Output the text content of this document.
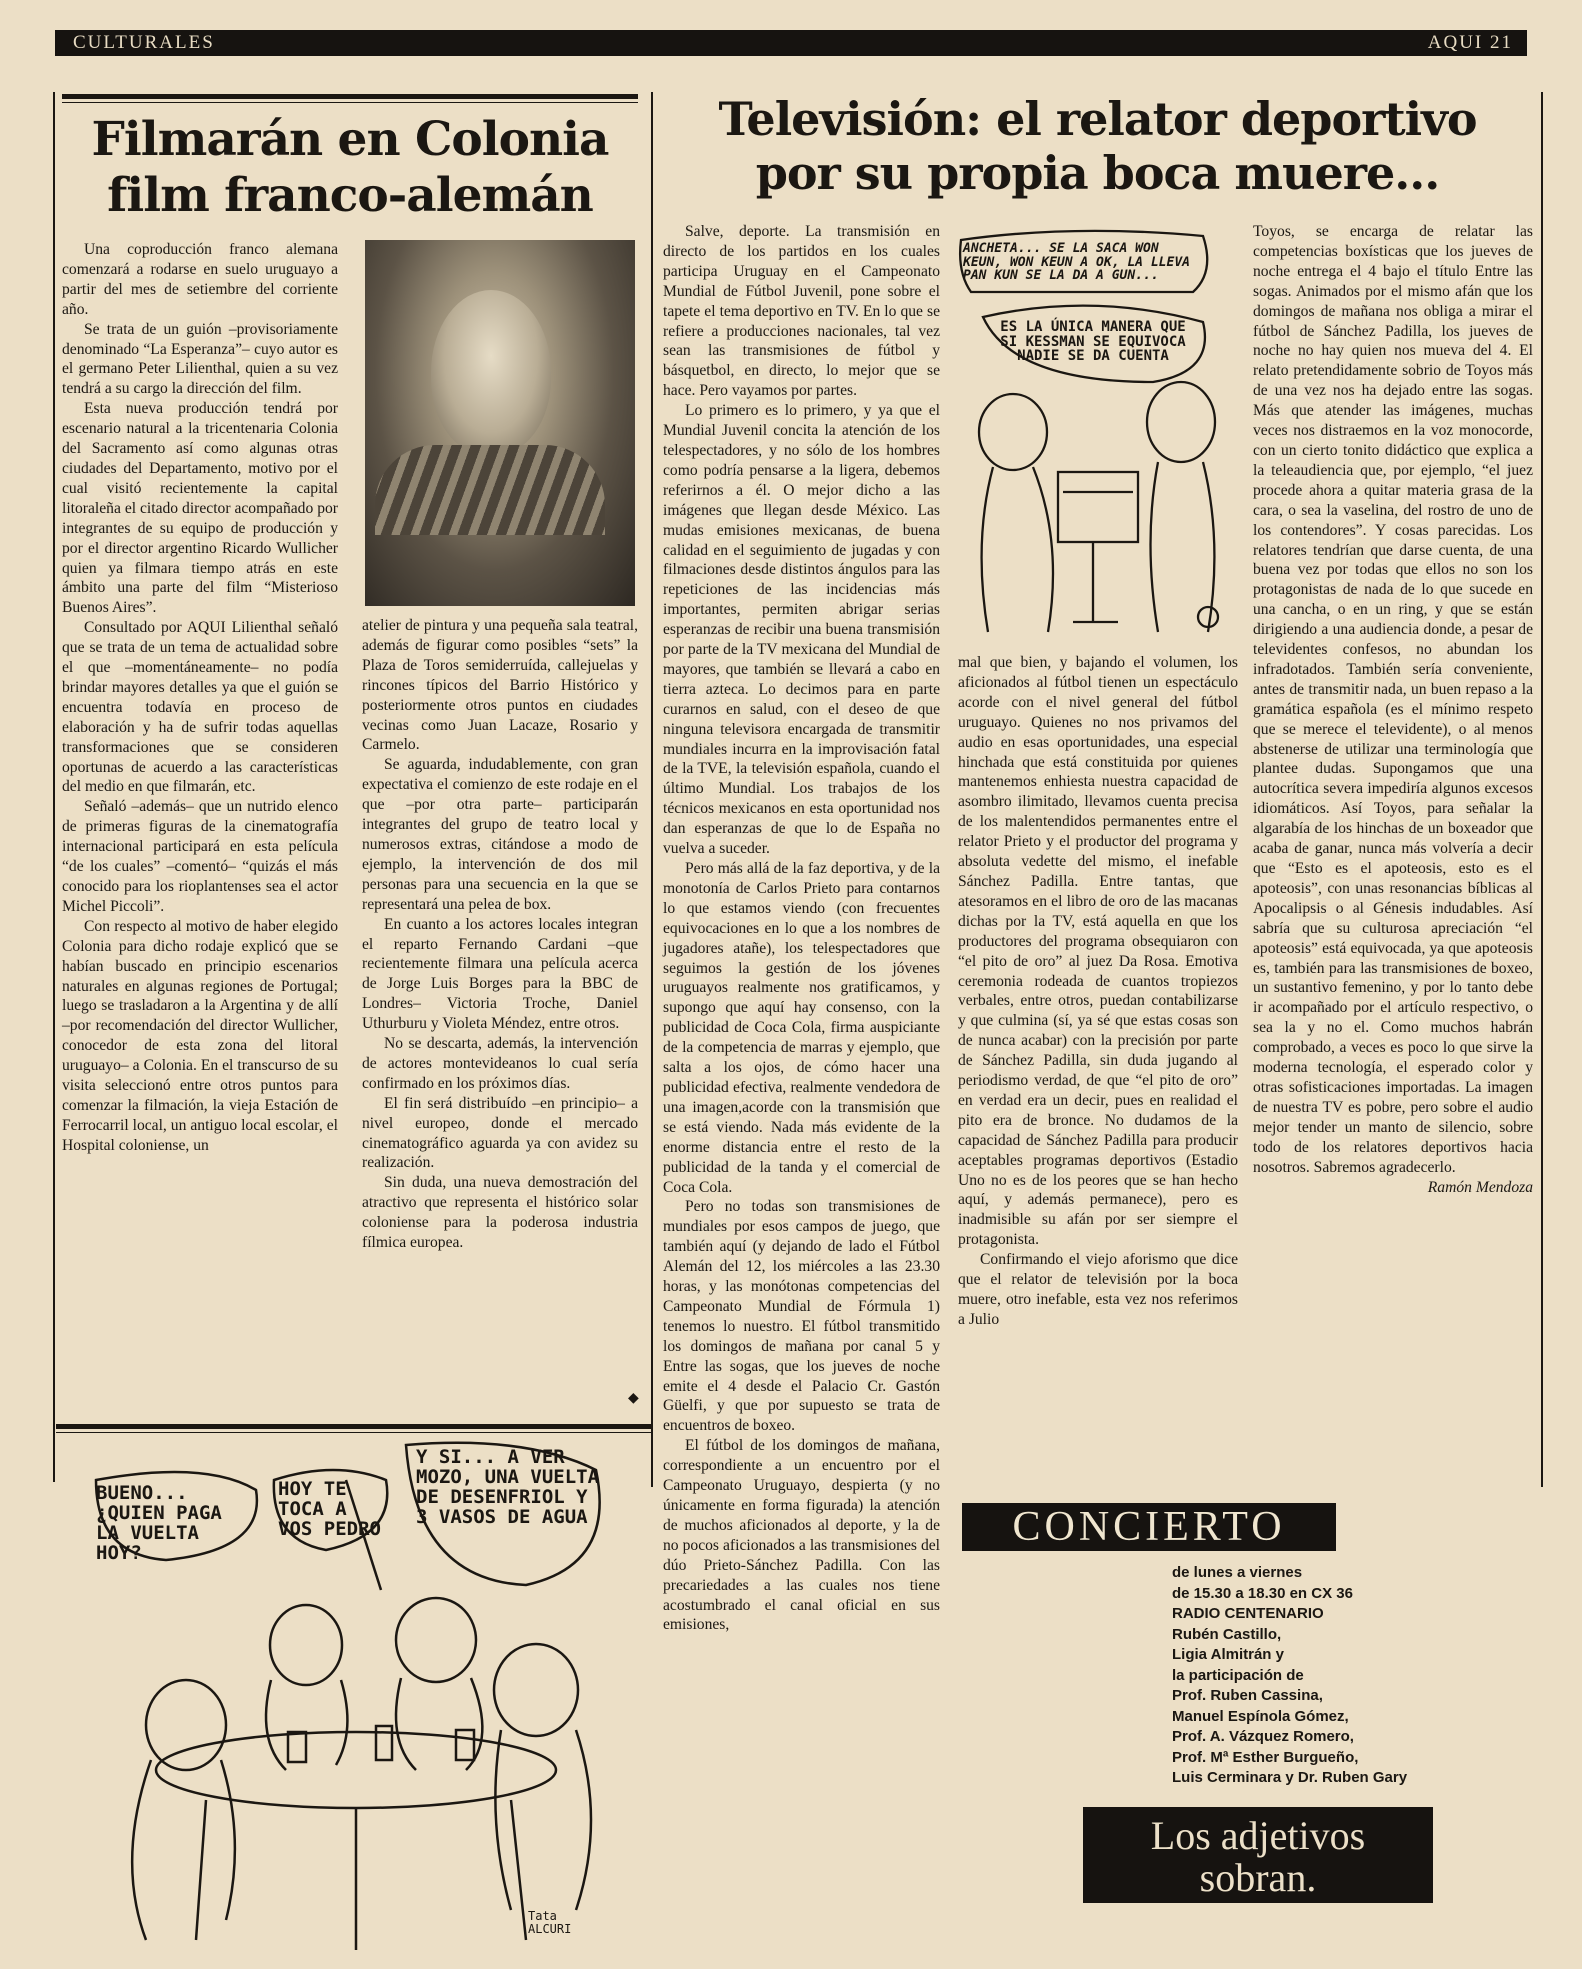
CULTURALES	AQUI 21
Filmarán en Colonia
film franco-alemán

Una coproducción franco alemana comenzará a rodarse en suelo uruguayo a partir del mes de setiembre del corriente año.

Se trata de un guión –provisoriamente denominado “La Esperanza”– cuyo autor es el germano Peter Lilienthal, quien a su vez tendrá a su cargo la dirección del film.

Esta nueva producción tendrá por escenario natural a la tricentenaria Colonia del Sacramento así como algunas otras ciudades del Departamento, motivo por el cual visitó recientemente la capital litoraleña el citado director acompañado por integrantes de su equipo de producción y por el director argentino Ricardo Wullicher quien ya filmara tiempo atrás en este ámbito una parte del film “Misterioso Buenos Aires”.

Consultado por AQUI Lilienthal señaló que se trata de un tema de actualidad sobre el que –momentáneamente– no podía brindar mayores detalles ya que el guión se encuentra todavía en proceso de elaboración y ha de sufrir todas aquellas transformaciones que se consideren oportunas de acuerdo a las características del medio en que filmarán, etc.

Señaló –además– que un nutrido elenco de primeras figuras de la cinematografía internacional participará en esta película “de los cuales” –comentó– “quizás el más conocido para los rioplantenses sea el actor Michel Piccoli”.

Con respecto al motivo de haber elegido Colonia para dicho rodaje explicó que se habían buscado en principio escenarios naturales en algunas regiones de Portugal; luego se trasladaron a la Argentina y de allí –por recomendación del director Wullicher, conocedor de esta zona del litoral uruguayo– a Colonia. En el transcurso de su visita seleccionó entre otros puntos para comenzar la filmación, la vieja Estación de Ferrocarril local, un antiguo local escolar, el Hospital coloniense, un

atelier de pintura y una pequeña sala teatral, además de figurar como posibles “sets” la Plaza de Toros semiderruída, callejuelas y rincones típicos del Barrio Histórico y posteriormente otros puntos en ciudades vecinas como Juan Lacaze, Rosario y Carmelo.

Se aguarda, indudablemente, con gran expectativa el comienzo de este rodaje en el que –por otra parte– participarán integrantes del grupo de teatro local y numerosos extras, citándose a modo de ejemplo, la intervención de dos mil personas para una secuencia en la que se representará una pelea de box.

En cuanto a los actores locales integran el reparto Fernando Cardani –que recientemente filmara una película acerca de Jorge Luis Borges para la BBC de Londres– Victoria Troche, Daniel Uthurburu y Violeta Méndez, entre otros.

No se descarta, además, la intervención de actores montevideanos lo cual sería confirmado en los próximos días.

El fin será distribuído –en principio– a nivel europeo, donde el mercado cinematográfico aguarda ya con avidez su realización.

Sin duda, una nueva demostración del atractivo que representa el histórico solar coloniense para la poderosa industria fílmica europea.

◆
BUENO... ¿QUIEN PAGA LA VUELTA HOY?
HOY TE TOCA A VOS PEDRO
Y SI... A VER MOZO, UNA VUELTA DE DESENFRIOL Y 3 VASOS DE AGUA
Tata ALCURI
Televisión: el relator deportivo
por su propia boca muere...

Salve, deporte. La transmisión en directo de los partidos en los cuales participa Uruguay en el Campeonato Mundial de Fútbol Juvenil, pone sobre el tapete el tema deportivo en TV. En lo que se refiere a producciones nacionales, tal vez sean las transmisiones de fútbol y básquetbol, en directo, lo mejor que se hace. Pero vayamos por partes.

Lo primero es lo primero, y ya que el Mundial Juvenil concita la atención de los telespectadores, y no sólo de los hombres como podría pensarse a la ligera, debemos referirnos a él. O mejor dicho a las imágenes que llegan desde México. Las mudas emisiones mexicanas, de buena calidad en el seguimiento de jugadas y con filmaciones desde distintos ángulos para las repeticiones de las incidencias más importantes, permiten abrigar serias esperanzas de recibir una buena transmisión por parte de la TV mexicana del Mundial de mayores, que también se llevará a cabo en tierra azteca. Lo decimos para en parte curarnos en salud, con el deseo de que ninguna televisora encargada de transmitir mundiales incurra en la improvisación fatal de la TVE, la televisión española, cuando el último Mundial. Los trabajos de los técnicos mexicanos en esta oportunidad nos dan esperanzas de que lo de España no vuelva a suceder.

Pero más allá de la faz deportiva, y de la monotonía de Carlos Prieto para contarnos lo que estamos viendo (con frecuentes equivocaciones en lo que a los nombres de jugadores atañe), los telespectadores que seguimos la gestión de los jóvenes uruguayos realmente nos gratificamos, y supongo que aquí hay consenso, con la publicidad de Coca Cola, firma auspiciante de la competencia de marras y ejemplo, que salta a los ojos, de cómo hacer una publicidad efectiva, realmente vendedora de una imagen,acorde con la transmisión que se está viendo. Nada más evidente de la enorme distancia entre el resto de la publicidad de la tanda y el comercial de Coca Cola.

Pero no todas son transmisiones de mundiales por esos campos de juego, que también aquí (y dejando de lado el Fútbol Alemán del 12, los miércoles a las 23.30 horas, y las monótonas competencias del Campeonato Mundial de Fórmula 1) tenemos lo nuestro. El fútbol transmitido los domingos de mañana por canal 5 y Entre las sogas, que los jueves de noche emite el 4 desde el Palacio Cr. Gastón Güelfi, y que por supuesto se trata de encuentros de boxeo.

El fútbol de los domingos de mañana, correspondiente a un encuentro por el Campeonato Uruguayo, despierta (y no únicamente en forma figurada) la atención de muchos aficionados al deporte, y la de no pocos aficionados a las transmisiones del dúo Prieto-Sánchez Padilla. Con las precariedades a las cuales nos tiene acostumbrado el canal oficial en sus emisiones,

ANCHETA... SE LA SACA WON KEUN, WON KEUN A OK, LA LLEVA PAN KUN SE LA DA A GUN...
ES LA ÚNICA MANERA QUE SI KESSMAN SE EQUIVOCA NADIE SE DA CUENTA

mal que bien, y bajando el volumen, los aficionados al fútbol tienen un espectáculo acorde con el nivel general del fútbol uruguayo. Quienes no nos privamos del audio en esas oportunidades, una especial hinchada que está constituida por quienes mantenemos enhiesta nuestra capacidad de asombro ilimitado, llevamos cuenta precisa de los malentendidos permanentes entre el relator Prieto y el productor del programa y absoluta vedette del mismo, el inefable Sánchez Padilla. Entre tantas, que atesoramos en el libro de oro de las macanas dichas por la TV, está aquella en que los productores del programa obsequiaron con “el pito de oro” al juez Da Rosa. Emotiva ceremonia rodeada de cuantos tropiezos verbales, entre otros, puedan contabilizarse y que culmina (sí, ya sé que estas cosas son de nunca acabar) con la precisión por parte de Sánchez Padilla, sin duda jugando al periodismo verdad, de que “el pito de oro” en verdad era un decir, pues en realidad el pito era de bronce. No dudamos de la capacidad de Sánchez Padilla para producir aceptables programas deportivos (Estadio Uno no es de los peores que se han hecho aquí, y además permanece), pero es inadmisible su afán por ser siempre el protagonista.

Confirmando el viejo aforismo que dice que el relator de televisión por la boca muere, otro inefable, esta vez nos referimos a Julio

Toyos, se encarga de relatar las competencias boxísticas que los jueves de noche entrega el 4 bajo el título Entre las sogas. Animados por el mismo afán que los domingos de mañana nos obliga a mirar el fútbol de Sánchez Padilla, los jueves de noche no hay quien nos mueva del 4. El relato pretendidamente sobrio de Toyos más de una vez nos ha dejado entre las sogas. Más que atender las imágenes, muchas veces nos distraemos en la voz monocorde, con un cierto tonito didáctico que explica a la teleaudiencia que, por ejemplo, “el juez procede ahora a quitar materia grasa de la cara, o sea la vaselina, del rostro de uno de los contendores”. Y cosas parecidas. Los relatores tendrían que darse cuenta, de una buena vez por todas que ellos no son los protagonistas de nada de lo que sucede en una cancha, o en un ring, y que se están dirigiendo a una audiencia donde, a pesar de televidentes confesos, no abundan los infradotados. También sería conveniente, antes de transmitir nada, un buen repaso a la gramática española (es el mínimo respeto que se merece el televidente), o al menos abstenerse de utilizar una terminología que plantee dudas. Supongamos que una autocrítica severa impediría algunos excesos idiomáticos. Así Toyos, para señalar la algarabía de los hinchas de un boxeador que acaba de ganar, nunca más volvería a decir que “Esto es el apoteosis, esto es el apoteosis”, con unas resonancias bíblicas al Apocalipsis o al Génesis indudables. Así sabría que su culturosa apreciación “el apoteosis” está equivocada, ya que apoteosis es, también para las transmisiones de boxeo, un sustantivo femenino, y por lo tanto debe ir acompañado por el artículo respectivo, o sea la y no el. Como muchos habrán comprobado, a veces es poco lo que sirve la moderna tecnología, el esperado color y otras sofisticaciones importadas. La imagen de nuestra TV es pobre, pero sobre el audio mejor tender un manto de silencio, sobre todo de los relatores deportivos hacia nosotros. Sabremos agradecerlo.

Ramón Mendoza
CONCIERTO
de lunes a viernes
de 15.30 a 18.30 en CX 36
RADIO CENTENARIO
Rubén Castillo,
Ligia Almitrán y
la participación de
Prof. Ruben Cassina,
Manuel Espínola Gómez,
Prof. A. Vázquez Romero,
Prof. Mª Esther Burgueño,
Luis Cerminara y Dr. Ruben Gary
Los adjetivos
sobran.
